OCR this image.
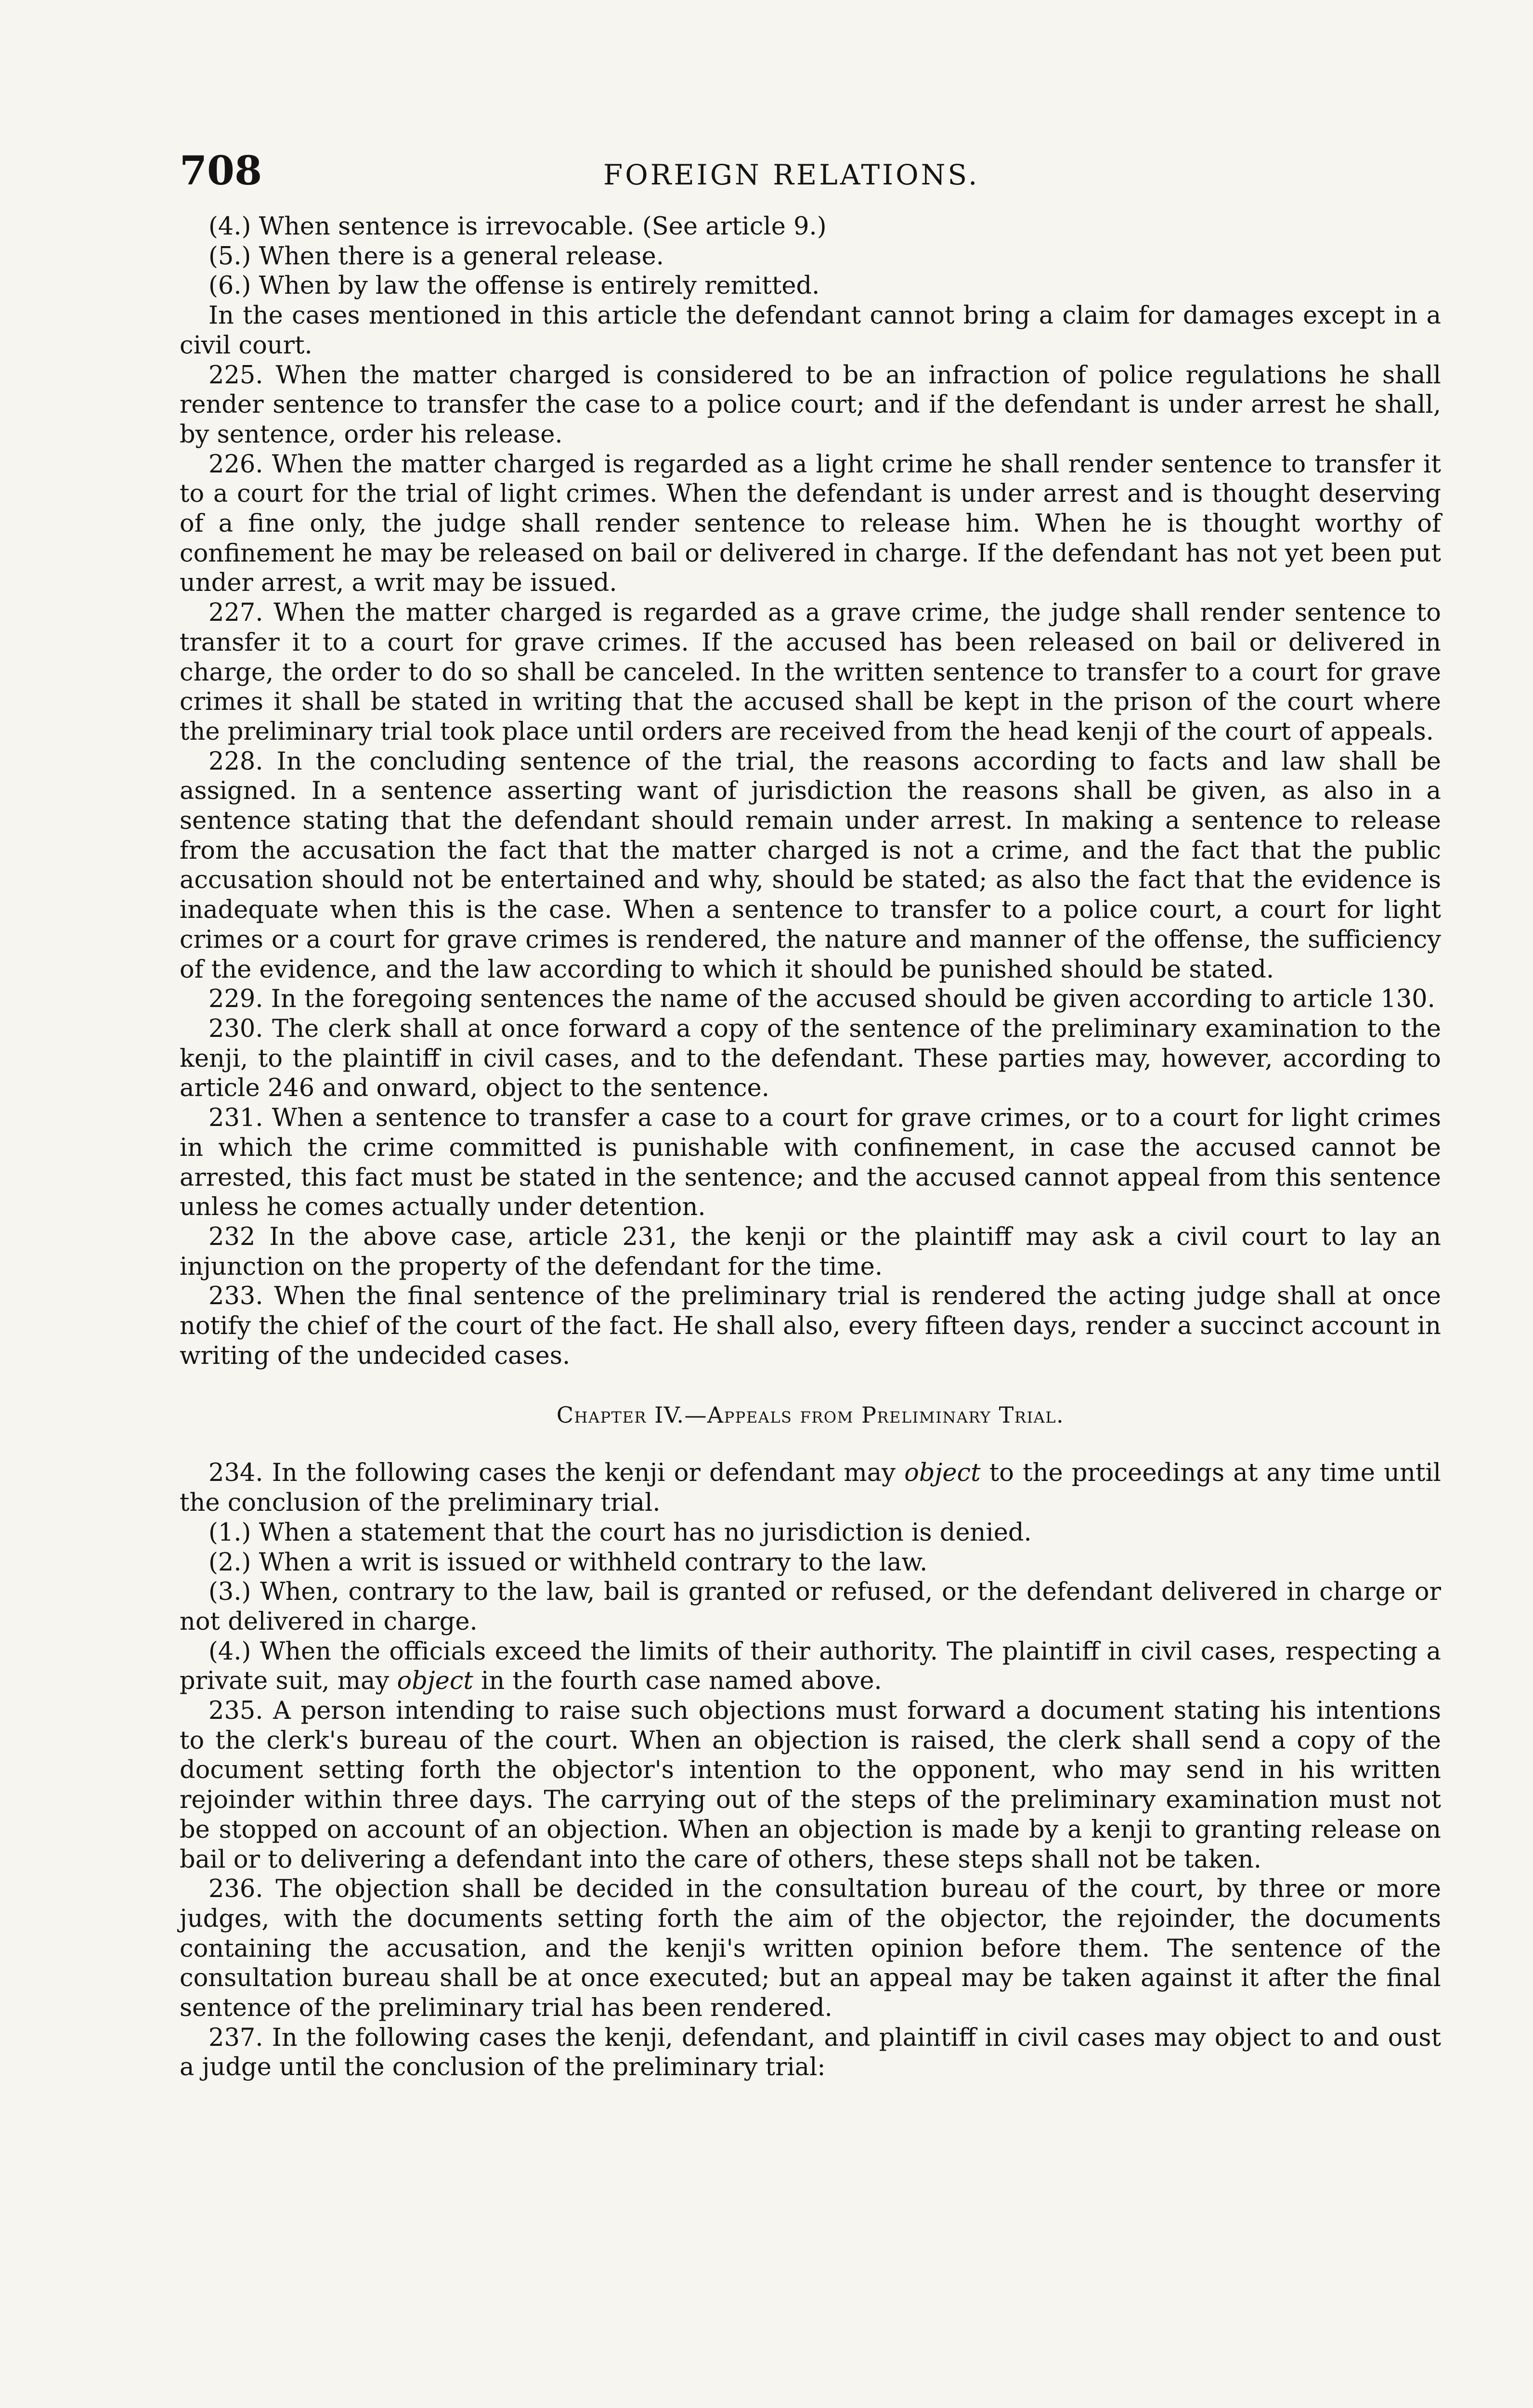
708	FOREIGN RELATIONS.

(4.) When sentence is irrevocable. (See article 9.)

(5.) When there is a general release.

(6.) When by law the offense is entirely remitted.

In the cases mentioned in this article the defendant cannot bring a claim for damages except in a civil court.

225. When the matter charged is considered to be an infraction of police regulations he shall render sentence to transfer the case to a police court; and if the defendant is under arrest he shall, by sentence, order his release.

226. When the matter charged is regarded as a light crime he shall render sentence to transfer it to a court for the trial of light crimes. When the defendant is under arrest and is thought deserving of a fine only, the judge shall render sentence to release him. When he is thought worthy of confinement he may be released on bail or delivered in charge. If the defendant has not yet been put under arrest, a writ may be issued.

227. When the matter charged is regarded as a grave crime, the judge shall render sentence to transfer it to a court for grave crimes. If the accused has been released on bail or delivered in charge, the order to do so shall be canceled. In the written sentence to transfer to a court for grave crimes it shall be stated in writing that the accused shall be kept in the prison of the court where the preliminary trial took place until orders are received from the head kenji of the court of appeals.

228. In the concluding sentence of the trial, the reasons according to facts and law shall be assigned. In a sentence asserting want of jurisdiction the reasons shall be given, as also in a sentence stating that the defendant should remain under arrest. In making a sentence to release from the accusation the fact that the matter charged is not a crime, and the fact that the public accusation should not be entertained and why, should be stated; as also the fact that the evidence is inadequate when this is the case. When a sentence to transfer to a police court, a court for light crimes or a court for grave crimes is rendered, the nature and manner of the offense, the sufficiency of the evidence, and the law according to which it should be punished should be stated.

229. In the foregoing sentences the name of the accused should be given according to article 130.

230. The clerk shall at once forward a copy of the sentence of the preliminary examination to the kenji, to the plaintiff in civil cases, and to the defendant. These parties may, however, according to article 246 and onward, object to the sentence.

231. When a sentence to transfer a case to a court for grave crimes, or to a court for light crimes in which the crime committed is punishable with confinement, in case the accused cannot be arrested, this fact must be stated in the sentence; and the accused cannot appeal from this sentence unless he comes actually under detention.

232 In the above case, article 231, the kenji or the plaintiff may ask a civil court to lay an injunction on the property of the defendant for the time.

233. When the final sentence of the preliminary trial is rendered the acting judge shall at once notify the chief of the court of the fact. He shall also, every fifteen days, render a succinct account in writing of the undecided cases.

Chapter IV.—Appeals from Preliminary Trial.

234. In the following cases the kenji or defendant may object to the proceedings at any time until the conclusion of the preliminary trial.

(1.) When a statement that the court has no jurisdiction is denied.

(2.) When a writ is issued or withheld contrary to the law.

(3.) When, contrary to the law, bail is granted or refused, or the defendant delivered in charge or not delivered in charge.

(4.) When the officials exceed the limits of their authority. The plaintiff in civil cases, respecting a private suit, may object in the fourth case named above.

235. A person intending to raise such objections must forward a document stating his intentions to the clerk's bureau of the court. When an objection is raised, the clerk shall send a copy of the document setting forth the objector's intention to the opponent, who may send in his written rejoinder within three days. The carrying out of the steps of the preliminary examination must not be stopped on account of an objection. When an objection is made by a kenji to granting release on bail or to delivering a defendant into the care of others, these steps shall not be taken.

236. The objection shall be decided in the consultation bureau of the court, by three or more judges, with the documents setting forth the aim of the objector, the rejoinder, the documents containing the accusation, and the kenji's written opinion before them. The sentence of the consultation bureau shall be at once executed; but an appeal may be taken against it after the final sentence of the preliminary trial has been rendered.

237. In the following cases the kenji, defendant, and plaintiff in civil cases may object to and oust a judge until the conclusion of the preliminary trial:
